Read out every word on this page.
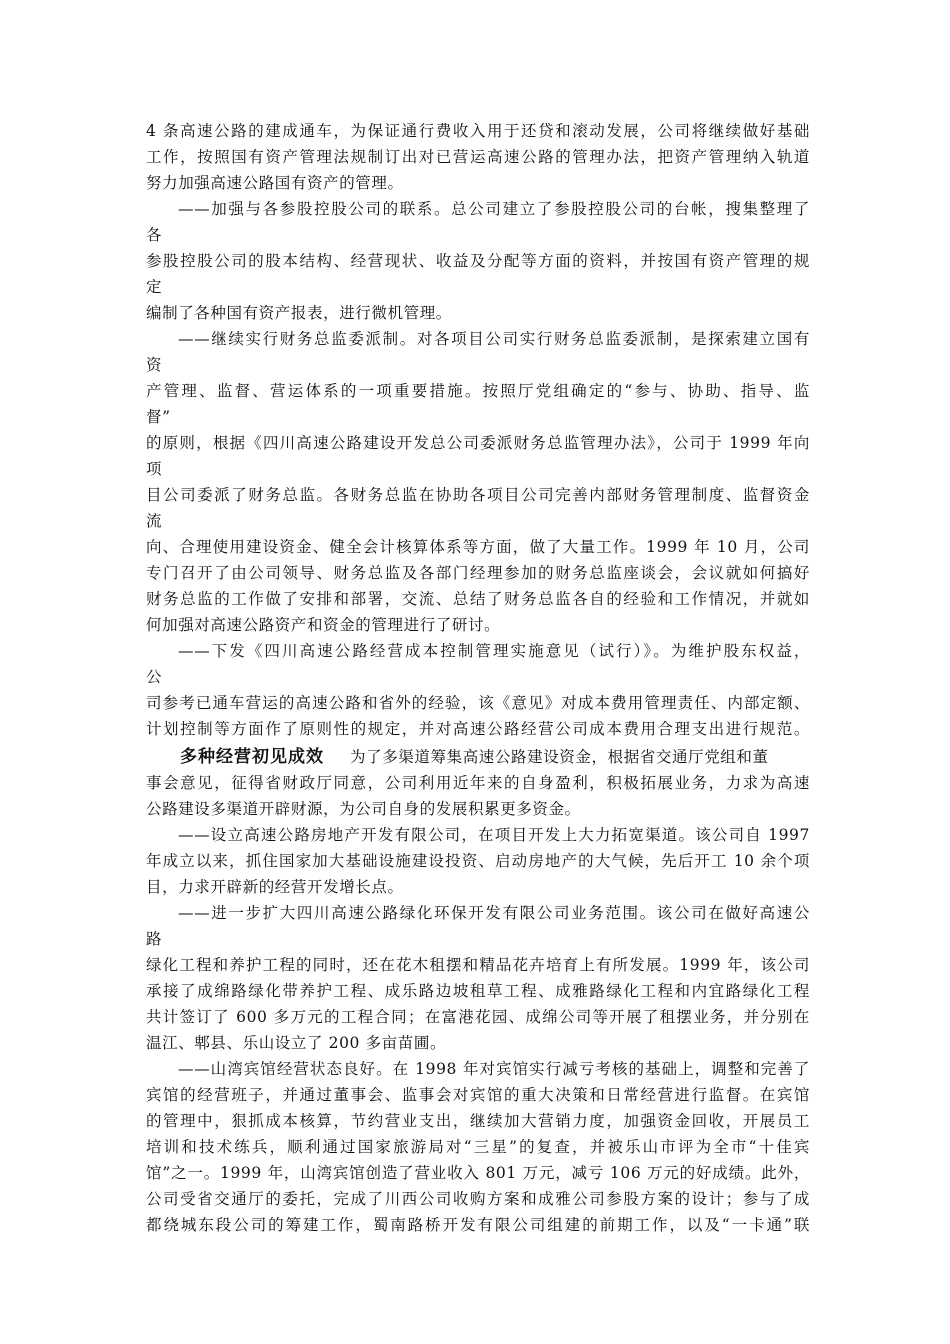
4 条高速公路的建成通车，为保证通行费收入用于还贷和滚动发展，公司将继续做好基础
工作，按照国有资产管理法规制订出对已营运高速公路的管理办法，把资产管理纳入轨道
努力加强高速公路国有资产的管理。
——加强与各参股控股公司的联系。总公司建立了参股控股公司的台帐，搜集整理了
各
参股控股公司的股本结构、经营现状、收益及分配等方面的资料，并按国有资产管理的规
定
编制了各种国有资产报表，进行微机管理。
——继续实行财务总监委派制。对各项目公司实行财务总监委派制，是探索建立国有
资
产管理、监督、营运体系的一项重要措施。按照厅党组确定的“参与、协助、指导、监
督”
的原则，根据《四川高速公路建设开发总公司委派财务总监管理办法》，公司于 1999 年向
项
目公司委派了财务总监。各财务总监在协助各项目公司完善内部财务管理制度、监督资金
流
向、合理使用建设资金、健全会计核算体系等方面，做了大量工作。1999 年 10 月，公司
专门召开了由公司领导、财务总监及各部门经理参加的财务总监座谈会，会议就如何搞好
财务总监的工作做了安排和部署，交流、总结了财务总监各自的经验和工作情况，并就如
何加强对高速公路资产和资金的管理进行了研讨。
——下发《四川高速公路经营成本控制管理实施意见（试行）》。为维护股东权益，
公
司参考已通车营运的高速公路和省外的经验，该《意见》对成本费用管理责任、内部定额、
计划控制等方面作了原则性的规定，并对高速公路经营公司成本费用合理支出进行规范。
多种经营初见成效 为了多渠道筹集高速公路建设资金，根据省交通厅党组和董
事会意见，征得省财政厅同意，公司利用近年来的自身盈利，积极拓展业务，力求为高速
公路建设多渠道开辟财源，为公司自身的发展积累更多资金。
——设立高速公路房地产开发有限公司，在项目开发上大力拓宽渠道。该公司自 1997
年成立以来，抓住国家加大基础设施建设投资、启动房地产的大气候，先后开工 10 余个项
目，力求开辟新的经营开发增长点。
——进一步扩大四川高速公路绿化环保开发有限公司业务范围。该公司在做好高速公
路
绿化工程和养护工程的同时，还在花木租摆和精品花卉培育上有所发展。1999 年，该公司
承接了成绵路绿化带养护工程、成乐路边坡租草工程、成雅路绿化工程和内宜路绿化工程
共计签订了 600 多万元的工程合同；在富港花园、成绵公司等开展了租摆业务，并分别在
温江、郫县、乐山设立了 200 多亩苗圃。
——山湾宾馆经营状态良好。在 1998 年对宾馆实行减亏考核的基础上，调整和完善了
宾馆的经营班子，并通过董事会、监事会对宾馆的重大决策和日常经营进行监督。在宾馆
的管理中，狠抓成本核算，节约营业支出，继续加大营销力度，加强资金回收，开展员工
培训和技术练兵，顺利通过国家旅游局对“三星”的复查，并被乐山市评为全市“十佳宾
馆”之一。1999 年，山湾宾馆创造了营业收入 801 万元，减亏 106 万元的好成绩。此外，
公司受省交通厅的委托，完成了川西公司收购方案和成雅公司参股方案的设计；参与了成
都绕城东段公司的筹建工作，蜀南路桥开发有限公司组建的前期工作，以及“一卡通”联
